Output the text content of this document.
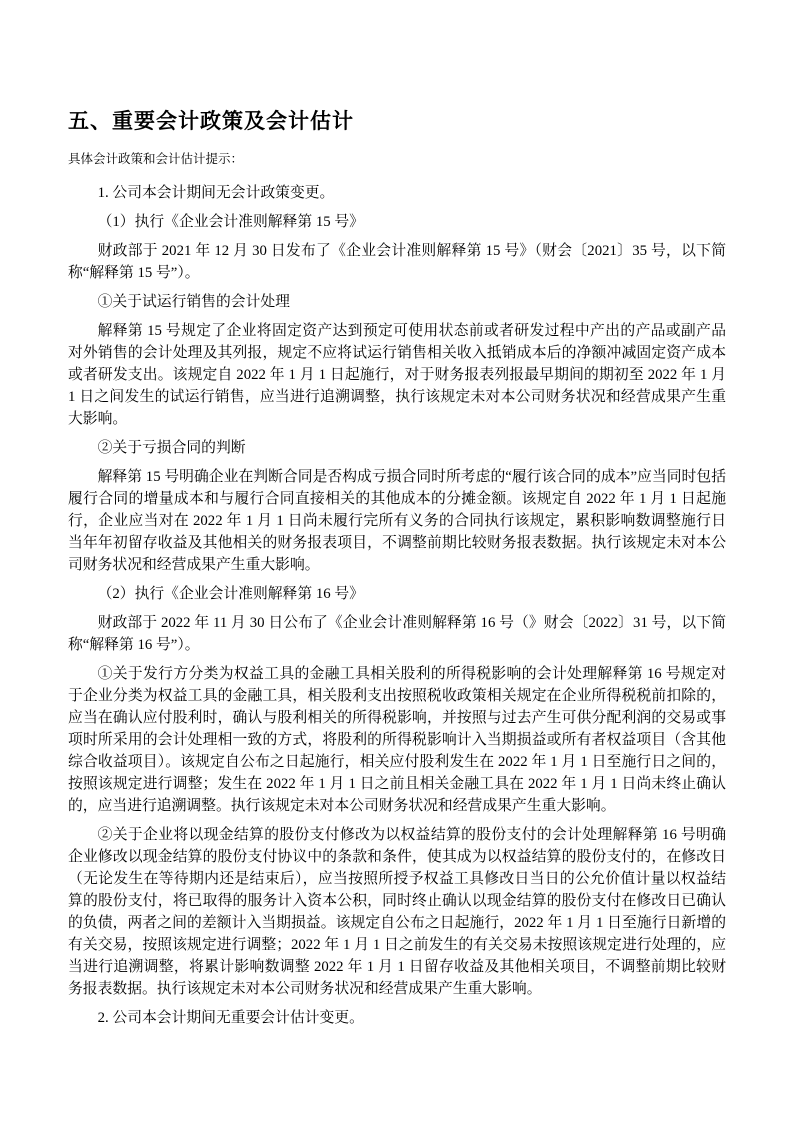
五、重要会计政策及会计估计
具体会计政策和会计估计提示：

1. 公司本会计期间无会计政策变更。

（1）执行《企业会计准则解释第 15 号》

财政部于 2021 年 12 月 30 日发布了《企业会计准则解释第 15 号》（财会〔2021〕35 号，以下简称“解释第 15 号”）。

①关于试运行销售的会计处理

解释第 15 号规定了企业将固定资产达到预定可使用状态前或者研发过程中产出的产品或副产品对外销售的会计处理及其列报，规定不应将试运行销售相关收入抵销成本后的净额冲减固定资产成本或者研发支出。该规定自 2022 年 1 月 1 日起施行，对于财务报表列报最早期间的期初至 2022 年 1 月 1 日之间发生的试运行销售，应当进行追溯调整，执行该规定未对本公司财务状况和经营成果产生重大影响。

②关于亏损合同的判断

解释第 15 号明确企业在判断合同是否构成亏损合同时所考虑的“履行该合同的成本”应当同时包括履行合同的增量成本和与履行合同直接相关的其他成本的分摊金额。该规定自 2022 年 1 月 1 日起施行，企业应当对在 2022 年 1 月 1 日尚未履行完所有义务的合同执行该规定，累积影响数调整施行日当年年初留存收益及其他相关的财务报表项目，不调整前期比较财务报表数据。执行该规定未对本公司财务状况和经营成果产生重大影响。

（2）执行《企业会计准则解释第 16 号》

财政部于 2022 年 11 月 30 日公布了《企业会计准则解释第 16 号（》财会〔2022〕31 号，以下简称“解释第 16 号”）。

①关于发行方分类为权益工具的金融工具相关股利的所得税影响的会计处理解释第 16 号规定对于企业分类为权益工具的金融工具，相关股利支出按照税收政策相关规定在企业所得税税前扣除的，应当在确认应付股利时，确认与股利相关的所得税影响，并按照与过去产生可供分配利润的交易或事项时所采用的会计处理相一致的方式，将股利的所得税影响计入当期损益或所有者权益项目（含其他综合收益项目）。该规定自公布之日起施行，相关应付股利发生在 2022 年 1 月 1 日至施行日之间的，按照该规定进行调整；发生在 2022 年 1 月 1 日之前且相关金融工具在 2022 年 1 月 1 日尚未终止确认的，应当进行追溯调整。执行该规定未对本公司财务状况和经营成果产生重大影响。

②关于企业将以现金结算的股份支付修改为以权益结算的股份支付的会计处理解释第 16 号明确企业修改以现金结算的股份支付协议中的条款和条件，使其成为以权益结算的股份支付的，在修改日（无论发生在等待期内还是结束后），应当按照所授予权益工具修改日当日的公允价值计量以权益结算的股份支付，将已取得的服务计入资本公积，同时终止确认以现金结算的股份支付在修改日已确认的负债，两者之间的差额计入当期损益。该规定自公布之日起施行，2022 年 1 月 1 日至施行日新增的有关交易，按照该规定进行调整；2022 年 1 月 1 日之前发生的有关交易未按照该规定进行处理的，应当进行追溯调整，将累计影响数调整 2022 年 1 月 1 日留存收益及其他相关项目，不调整前期比较财务报表数据。执行该规定未对本公司财务状况和经营成果产生重大影响。

2. 公司本会计期间无重要会计估计变更。
